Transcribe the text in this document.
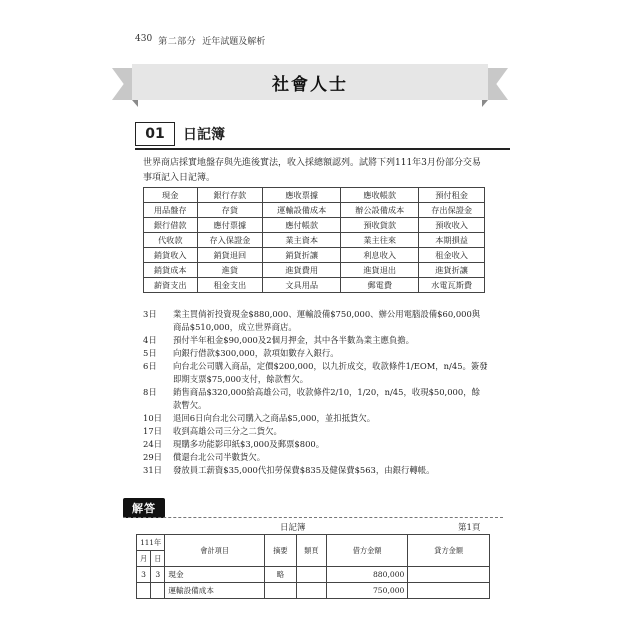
430 第二部分 近年試題及解析
社會人士
01	日記簿
世界商店採實地盤存與先進後實法，收入採總額認列。試將下列111年3月份部分交易事項記入日記簿。
現金	銀行存款	應收票據	應收帳款	預付租金
用品盤存	存貨	運輸設備成本	辦公設備成本	存出保證金
銀行借款	應付票據	應付帳款	預收貨款	預收收入
代收款	存入保證金	業主資本	業主往來	本期損益
銷貨收入	銷貨退回	銷貨折讓	利息收入	租金收入
銷貨成本	進貨	進貨費用	進貨退出	進貨折讓
薪資支出	租金支出	文具用品	郵電費	水電瓦斯費
3日	業主買倘祈投資現金$880,000、運輸設備$750,000、辦公用電腦設備$60,000與商品$510,000，成立世界商店。
4日	預付半年租金$90,000及2個月押金，其中各半數為業主應負擔。
5日	向銀行借款$300,000，款項如數存入銀行。
6日	向台北公司購入商品，定價$200,000，以九折成交，收款條件1/EOM，n/45。簽發即期支票$75,000支付，餘款暫欠。
8日	銷售商品$320,000給高雄公司，收款條件2/10，1/20，n/45，收現$50,000，餘款暫欠。
10日	退回6日向台北公司購入之商品$5,000，並扣抵貨欠。
17日	收到高雄公司三分之二貨欠。
24日	現購多功能影印紙$3,000及郵票$800。
29日	償還台北公司半數貨欠。
31日	發放員工薪資$35,000代扣勞保費$835及健保費$563，由銀行轉帳。
解答
日記簿	第1頁
111年		會計項目	摘要	類頁	借方金額	貸方金額
月	日					
3	3	現金	略		880,000	
		運輸設備成本			750,000	
